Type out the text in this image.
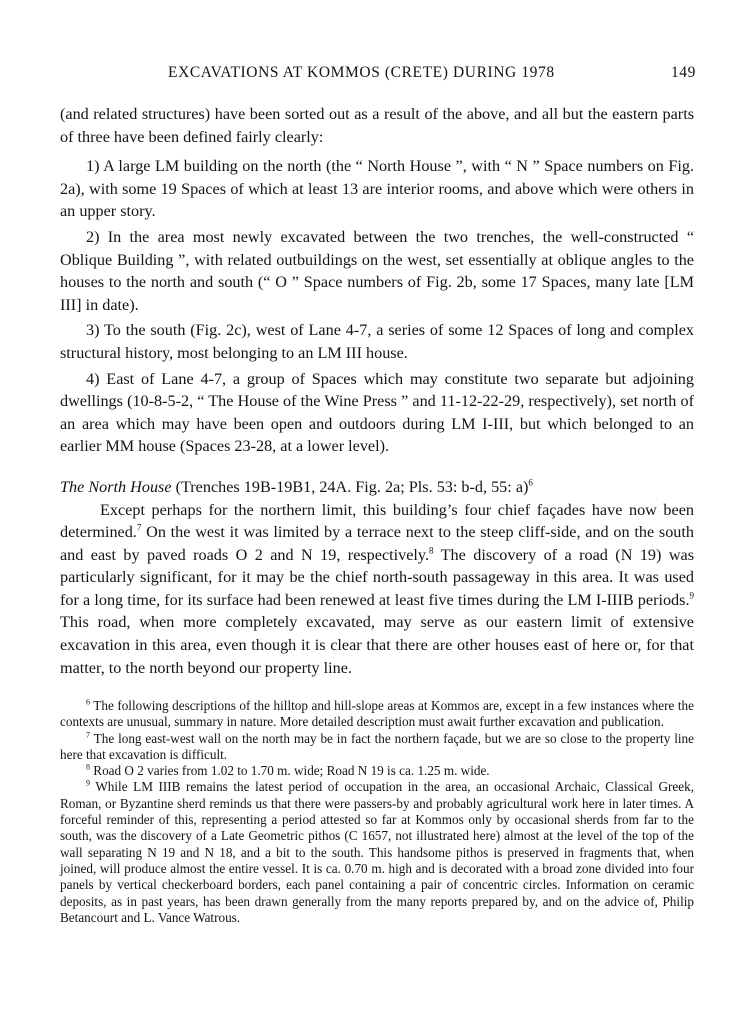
EXCAVATIONS AT KOMMOS (CRETE) DURING 1978	149

(and related structures) have been sorted out as a result of the above, and all but the eastern parts of three have been defined fairly clearly:

1) A large LM building on the north (the “ North House ”, with “ N ” Space numbers on Fig. 2a), with some 19 Spaces of which at least 13 are interior rooms, and above which were others in an upper story.

2) In the area most newly excavated between the two trenches, the well-constructed “ Oblique Building ”, with related outbuildings on the west, set essentially at oblique angles to the houses to the north and south (“ O ” Space numbers of Fig. 2b, some 17 Spaces, many late [LM III] in date).

3) To the south (Fig. 2c), west of Lane 4-7, a series of some 12 Spaces of long and complex structural history, most belonging to an LM III house.

4) East of Lane 4-7, a group of Spaces which may constitute two separate but adjoining dwellings (10-8-5-2, “ The House of the Wine Press ” and 11-12-22-29, respectively), set north of an area which may have been open and outdoors during LM I-III, but which belonged to an earlier MM house (Spaces 23-28, at a lower level).

The North House (Trenches 19B-19B1, 24A. Fig. 2a; Pls. 53: b-d, 55: a)$^6$

Except perhaps for the northern limit, this building’s four chief façades have now been determined.$^7$ On the west it was limited by a terrace next to the steep cliff-side, and on the south and east by paved roads O 2 and N 19, respectively.$^8$ The discovery of a road (N 19) was particularly significant, for it may be the chief north-south passageway in this area. It was used for a long time, for its surface had been renewed at least five times during the LM I-IIIB periods.$^9$ This road, when more completely excavated, may serve as our eastern limit of extensive excavation in this area, even though it is clear that there are other houses east of here or, for that matter, to the north beyond our property line.

$^6$ The following descriptions of the hilltop and hill-slope areas at Kommos are, except in a few instances where the contexts are unusual, summary in nature. More detailed description must await further excavation and publication.

$^7$ The long east-west wall on the north may be in fact the northern façade, but we are so close to the property line here that excavation is difficult.

$^8$ Road O 2 varies from 1.02 to 1.70 m. wide; Road N 19 is ca. 1.25 m. wide.

$^9$ While LM IIIB remains the latest period of occupation in the area, an occasional Archaic, Classical Greek, Roman, or Byzantine sherd reminds us that there were passers-by and probably agricultural work here in later times. A forceful reminder of this, representing a period attested so far at Kommos only by occasional sherds from far to the south, was the discovery of a Late Geometric pithos (C 1657, not illustrated here) almost at the level of the top of the wall separating N 19 and N 18, and a bit to the south. This handsome pithos is preserved in fragments that, when joined, will produce almost the entire vessel. It is ca. 0.70 m. high and is decorated with a broad zone divided into four panels by vertical checkerboard borders, each panel containing a pair of concentric circles. Information on ceramic deposits, as in past years, has been drawn generally from the many reports prepared by, and on the advice of, Philip Betancourt and L. Vance Watrous.
